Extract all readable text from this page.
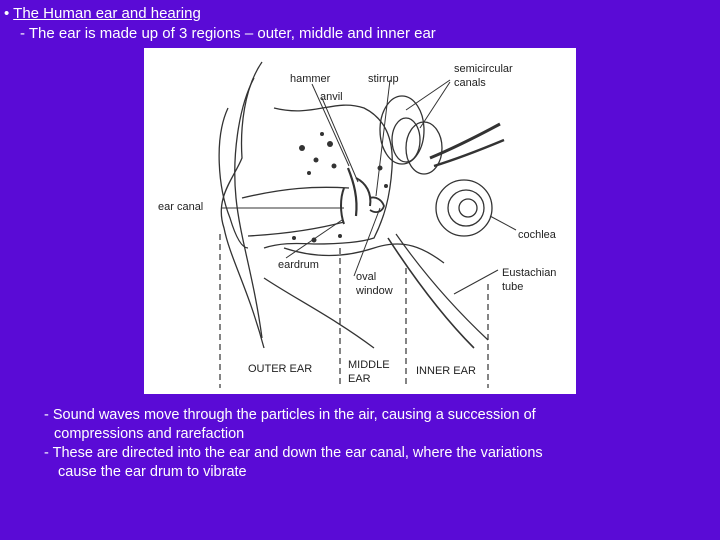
• The Human ear and hearing
- The ear is made up of 3 regions – outer, middle and inner ear
hammer	stirrup
semicircular
canals
anvil
ear canal
cochlea
eardrum
oval
window
Eustachian
tube
OUTER EAR	MIDDLE
EAR
INNER EAR

- Sound waves move through the particles in the air, causing a succession of

compressions and rarefaction

- These are directed into the ear and down the ear canal, where the variations

cause the ear drum to vibrate
